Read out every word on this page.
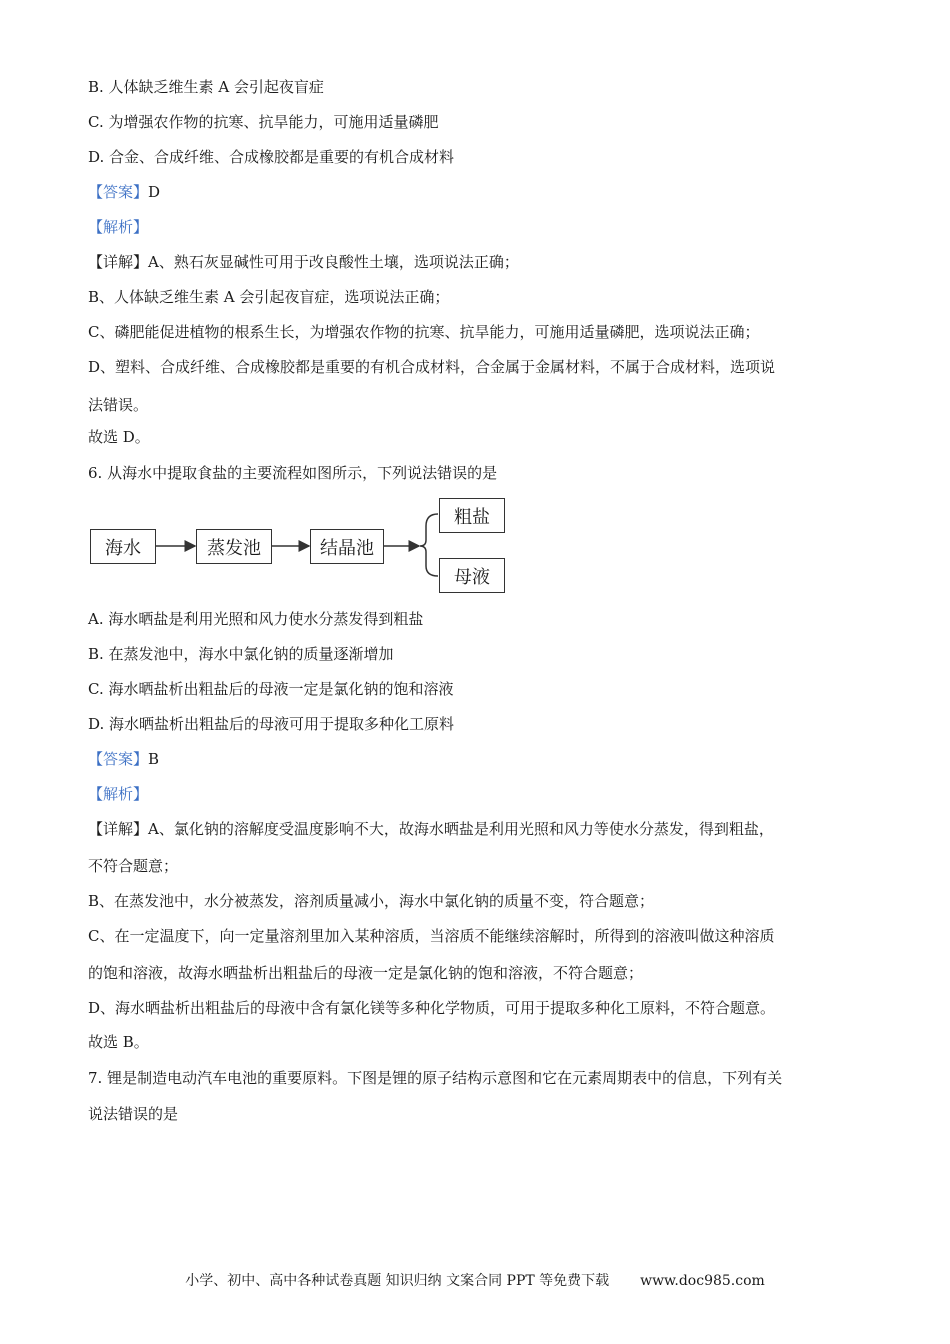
B. 人体缺乏维生素 A 会引起夜盲症
C. 为增强农作物的抗寒、抗旱能力，可施用适量磷肥
D. 合金、合成纤维、合成橡胶都是重要的有机合成材料
【答案】D
【解析】
【详解】A、熟石灰显碱性可用于改良酸性土壤，选项说法正确；
B、人体缺乏维生素 A 会引起夜盲症，选项说法正确；
C、磷肥能促进植物的根系生长，为增强农作物的抗寒、抗旱能力，可施用适量磷肥，选项说法正确；
D、塑料、合成纤维、合成橡胶都是重要的有机合成材料，合金属于金属材料，不属于合成材料，选项说
法错误。
故选 D。
6. 从海水中提取食盐的主要流程如图所示，下列说法错误的是
海水	蒸发池	结晶池
粗盐
母液
A. 海水晒盐是利用光照和风力使水分蒸发得到粗盐
B. 在蒸发池中，海水中氯化钠的质量逐渐增加
C. 海水晒盐析出粗盐后的母液一定是氯化钠的饱和溶液
D. 海水晒盐析出粗盐后的母液可用于提取多种化工原料
【答案】B
【解析】
【详解】A、氯化钠的溶解度受温度影响不大，故海水晒盐是利用光照和风力等使水分蒸发，得到粗盐，
不符合题意；
B、在蒸发池中，水分被蒸发，溶剂质量减小，海水中氯化钠的质量不变，符合题意；
C、在一定温度下，向一定量溶剂里加入某种溶质，当溶质不能继续溶解时，所得到的溶液叫做这种溶质
的饱和溶液，故海水晒盐析出粗盐后的母液一定是氯化钠的饱和溶液，不符合题意；
D、海水晒盐析出粗盐后的母液中含有氯化镁等多种化学物质，可用于提取多种化工原料，不符合题意。
故选 B。
7. 锂是制造电动汽车电池的重要原料。下图是锂的原子结构示意图和它在元素周期表中的信息，下列有关
说法错误的是
小学、初中、高中各种试卷真题 知识归纳 文案合同 PPT 等免费下载 www.doc985.com
